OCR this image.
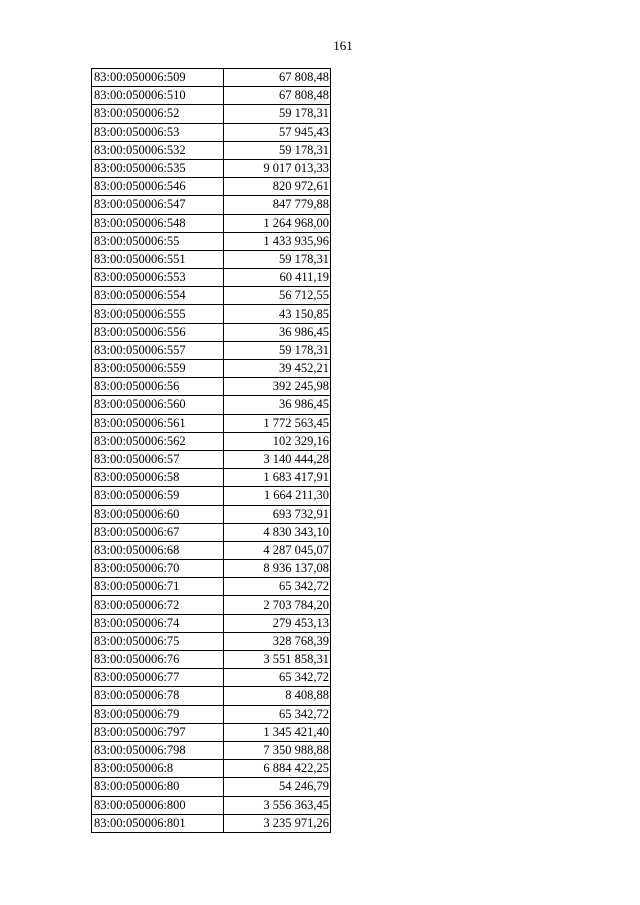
161
83:00:050006:509	67 808,48
83:00:050006:510	67 808,48
83:00:050006:52	59 178,31
83:00:050006:53	57 945,43
83:00:050006:532	59 178,31
83:00:050006:535	9 017 013,33
83:00:050006:546	820 972,61
83:00:050006:547	847 779,88
83:00:050006:548	1 264 968,00
83:00:050006:55	1 433 935,96
83:00:050006:551	59 178,31
83:00:050006:553	60 411,19
83:00:050006:554	56 712,55
83:00:050006:555	43 150,85
83:00:050006:556	36 986,45
83:00:050006:557	59 178,31
83:00:050006:559	39 452,21
83:00:050006:56	392 245,98
83:00:050006:560	36 986,45
83:00:050006:561	1 772 563,45
83:00:050006:562	102 329,16
83:00:050006:57	3 140 444,28
83:00:050006:58	1 683 417,91
83:00:050006:59	1 664 211,30
83:00:050006:60	693 732,91
83:00:050006:67	4 830 343,10
83:00:050006:68	4 287 045,07
83:00:050006:70	8 936 137,08
83:00:050006:71	65 342,72
83:00:050006:72	2 703 784,20
83:00:050006:74	279 453,13
83:00:050006:75	328 768,39
83:00:050006:76	3 551 858,31
83:00:050006:77	65 342,72
83:00:050006:78	8 408,88
83:00:050006:79	65 342,72
83:00:050006:797	1 345 421,40
83:00:050006:798	7 350 988,88
83:00:050006:8	6 884 422,25
83:00:050006:80	54 246,79
83:00:050006:800	3 556 363,45
83:00:050006:801	3 235 971,26
